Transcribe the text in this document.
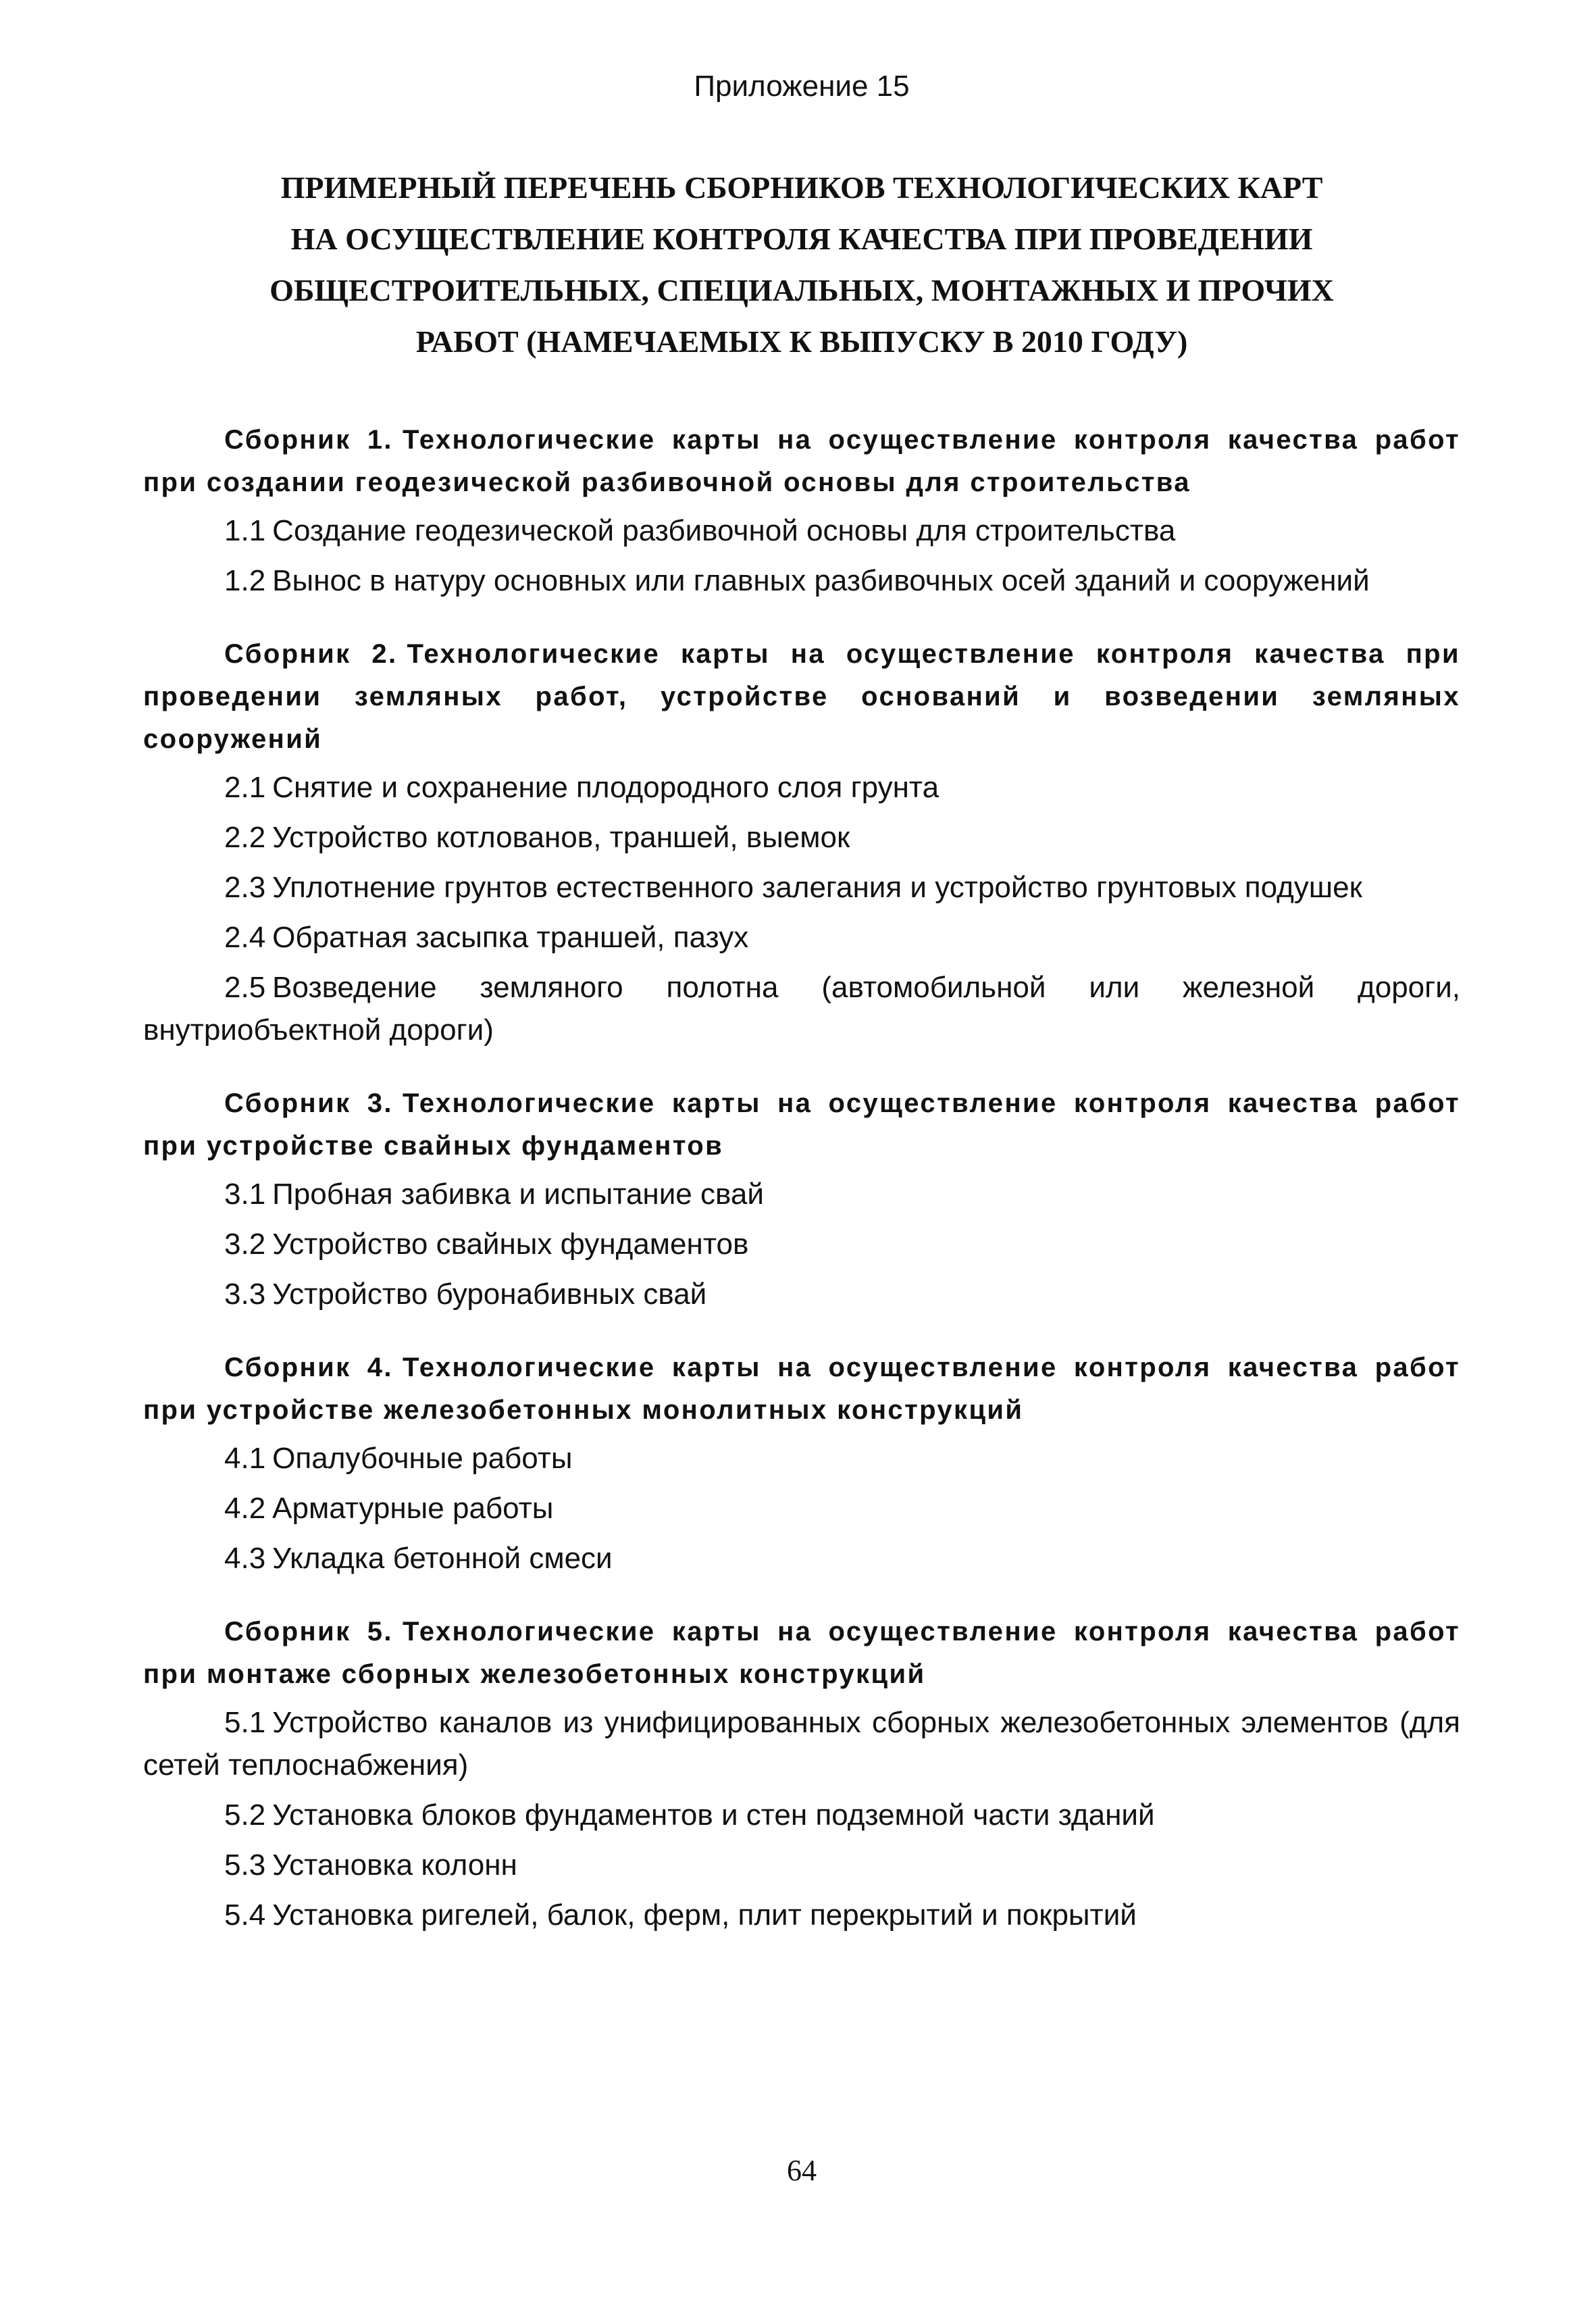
Приложение 15
ПРИМЕРНЫЙ ПЕРЕЧЕНЬ СБОРНИКОВ ТЕХНОЛОГИЧЕСКИХ КАРТ
НА ОСУЩЕСТВЛЕНИЕ КОНТРОЛЯ КАЧЕСТВА ПРИ ПРОВЕДЕНИИ
ОБЩЕСТРОИТЕЛЬНЫХ, СПЕЦИАЛЬНЫХ, МОНТАЖНЫХ И ПРОЧИХ
РАБОТ (НАМЕЧАЕМЫХ К ВЫПУСКУ В 2010 ГОДУ)

Сборник 1. Технологические карты на осуществление контроля качества работ при создании геодезической разбивочной основы для строительства

1.1 Создание геодезической разбивочной основы для строительства

1.2 Вынос в натуру основных или главных разбивочных осей зданий и сооружений

Сборник 2. Технологические карты на осуществление контроля качества при проведении земляных работ, устройстве оснований и возведении земляных сооружений

2.1 Снятие и сохранение плодородного слоя грунта

2.2 Устройство котлованов, траншей, выемок

2.3 Уплотнение грунтов естественного залегания и устройство грунтовых подушек

2.4 Обратная засыпка траншей, пазух

2.5 Возведение земляного полотна (автомобильной или железной дороги, внутриобъектной дороги)

Сборник 3. Технологические карты на осуществление контроля качества работ при устройстве свайных фундаментов

3.1 Пробная забивка и испытание свай

3.2 Устройство свайных фундаментов

3.3 Устройство буронабивных свай

Сборник 4. Технологические карты на осуществление контроля качества работ при устройстве железобетонных монолитных конструкций

4.1 Опалубочные работы

4.2 Арматурные работы

4.3 Укладка бетонной смеси

Сборник 5. Технологические карты на осуществление контроля качества работ при монтаже сборных железобетонных конструкций

5.1 Устройство каналов из унифицированных сборных железобетонных элементов (для сетей теплоснабжения)

5.2 Установка блоков фундаментов и стен подземной части зданий

5.3 Установка колонн

5.4 Установка ригелей, балок, ферм, плит перекрытий и покрытий

64
